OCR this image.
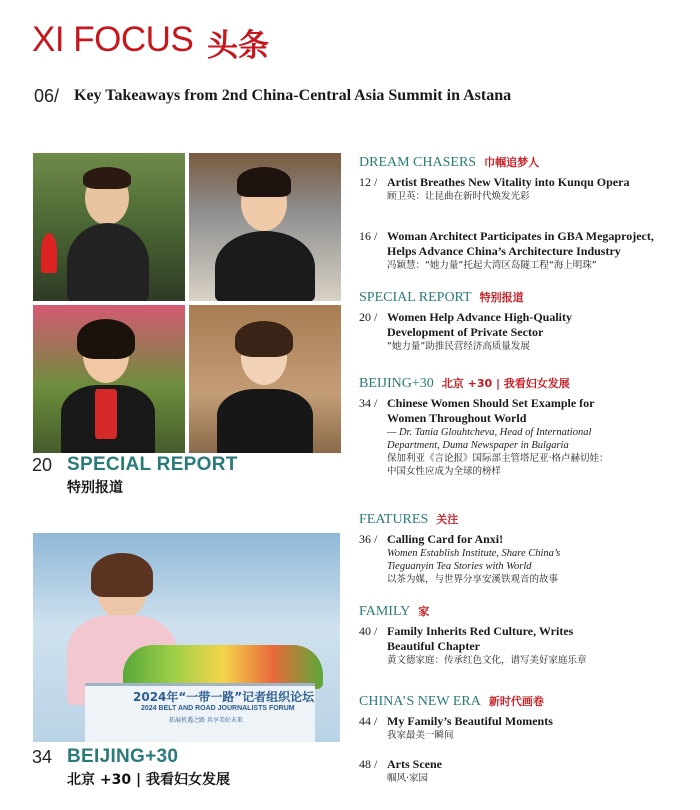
XI FOCUS 头条
06/ Key Takeaways from 2nd China-Central Asia Summit in Astana
20 SPECIAL REPORT
特别报道
2024年“一带一路”记者组织论坛
2024 BELT AND ROAD JOURNALISTS FORUM
拓展机遇之路 共享美好未来
34 BEIJING+30
北京 +30 | 我看妇女发展
DREAM CHASERS 巾帼追梦人
12 / Artist Breathes New Vitality into Kunqu Opera
顾卫英：让昆曲在新时代焕发光彩
16 / Woman Architect Participates in GBA Megaproject,
Helps Advance China’s Architecture Industry
冯颖慧：“她力量”托起大湾区岛隧工程“海上明珠”
SPECIAL REPORT 特别报道
20 / Women Help Advance High-Quality
Development of Private Sector
“她力量”助推民营经济高质量发展
BEIJING+30 北京 +30 | 我看妇女发展
34 / Chinese Women Should Set Example for
Women Throughout World
— Dr. Tania Glouhtcheva, Head of International
Department, Duma Newspaper in Bulgaria
保加利亚《言论报》国际部主管塔尼亚·格卢赫切娃：
中国女性应成为全球的榜样
FEATURES 关注
36 / Calling Card for Anxi!
Women Establish Institute, Share China’s
Tieguanyin Tea Stories with World
以茶为媒，与世界分享安溪铁观音的故事
FAMILY 家
40 / Family Inherits Red Culture, Writes
Beautiful Chapter
黄文德家庭：传承红色文化，谱写美好家庭乐章
CHINA’S NEW ERA 新时代画卷
44 / My Family’s Beautiful Moments
我家最美一瞬间
48 / Arts Scene
帼风·家园
